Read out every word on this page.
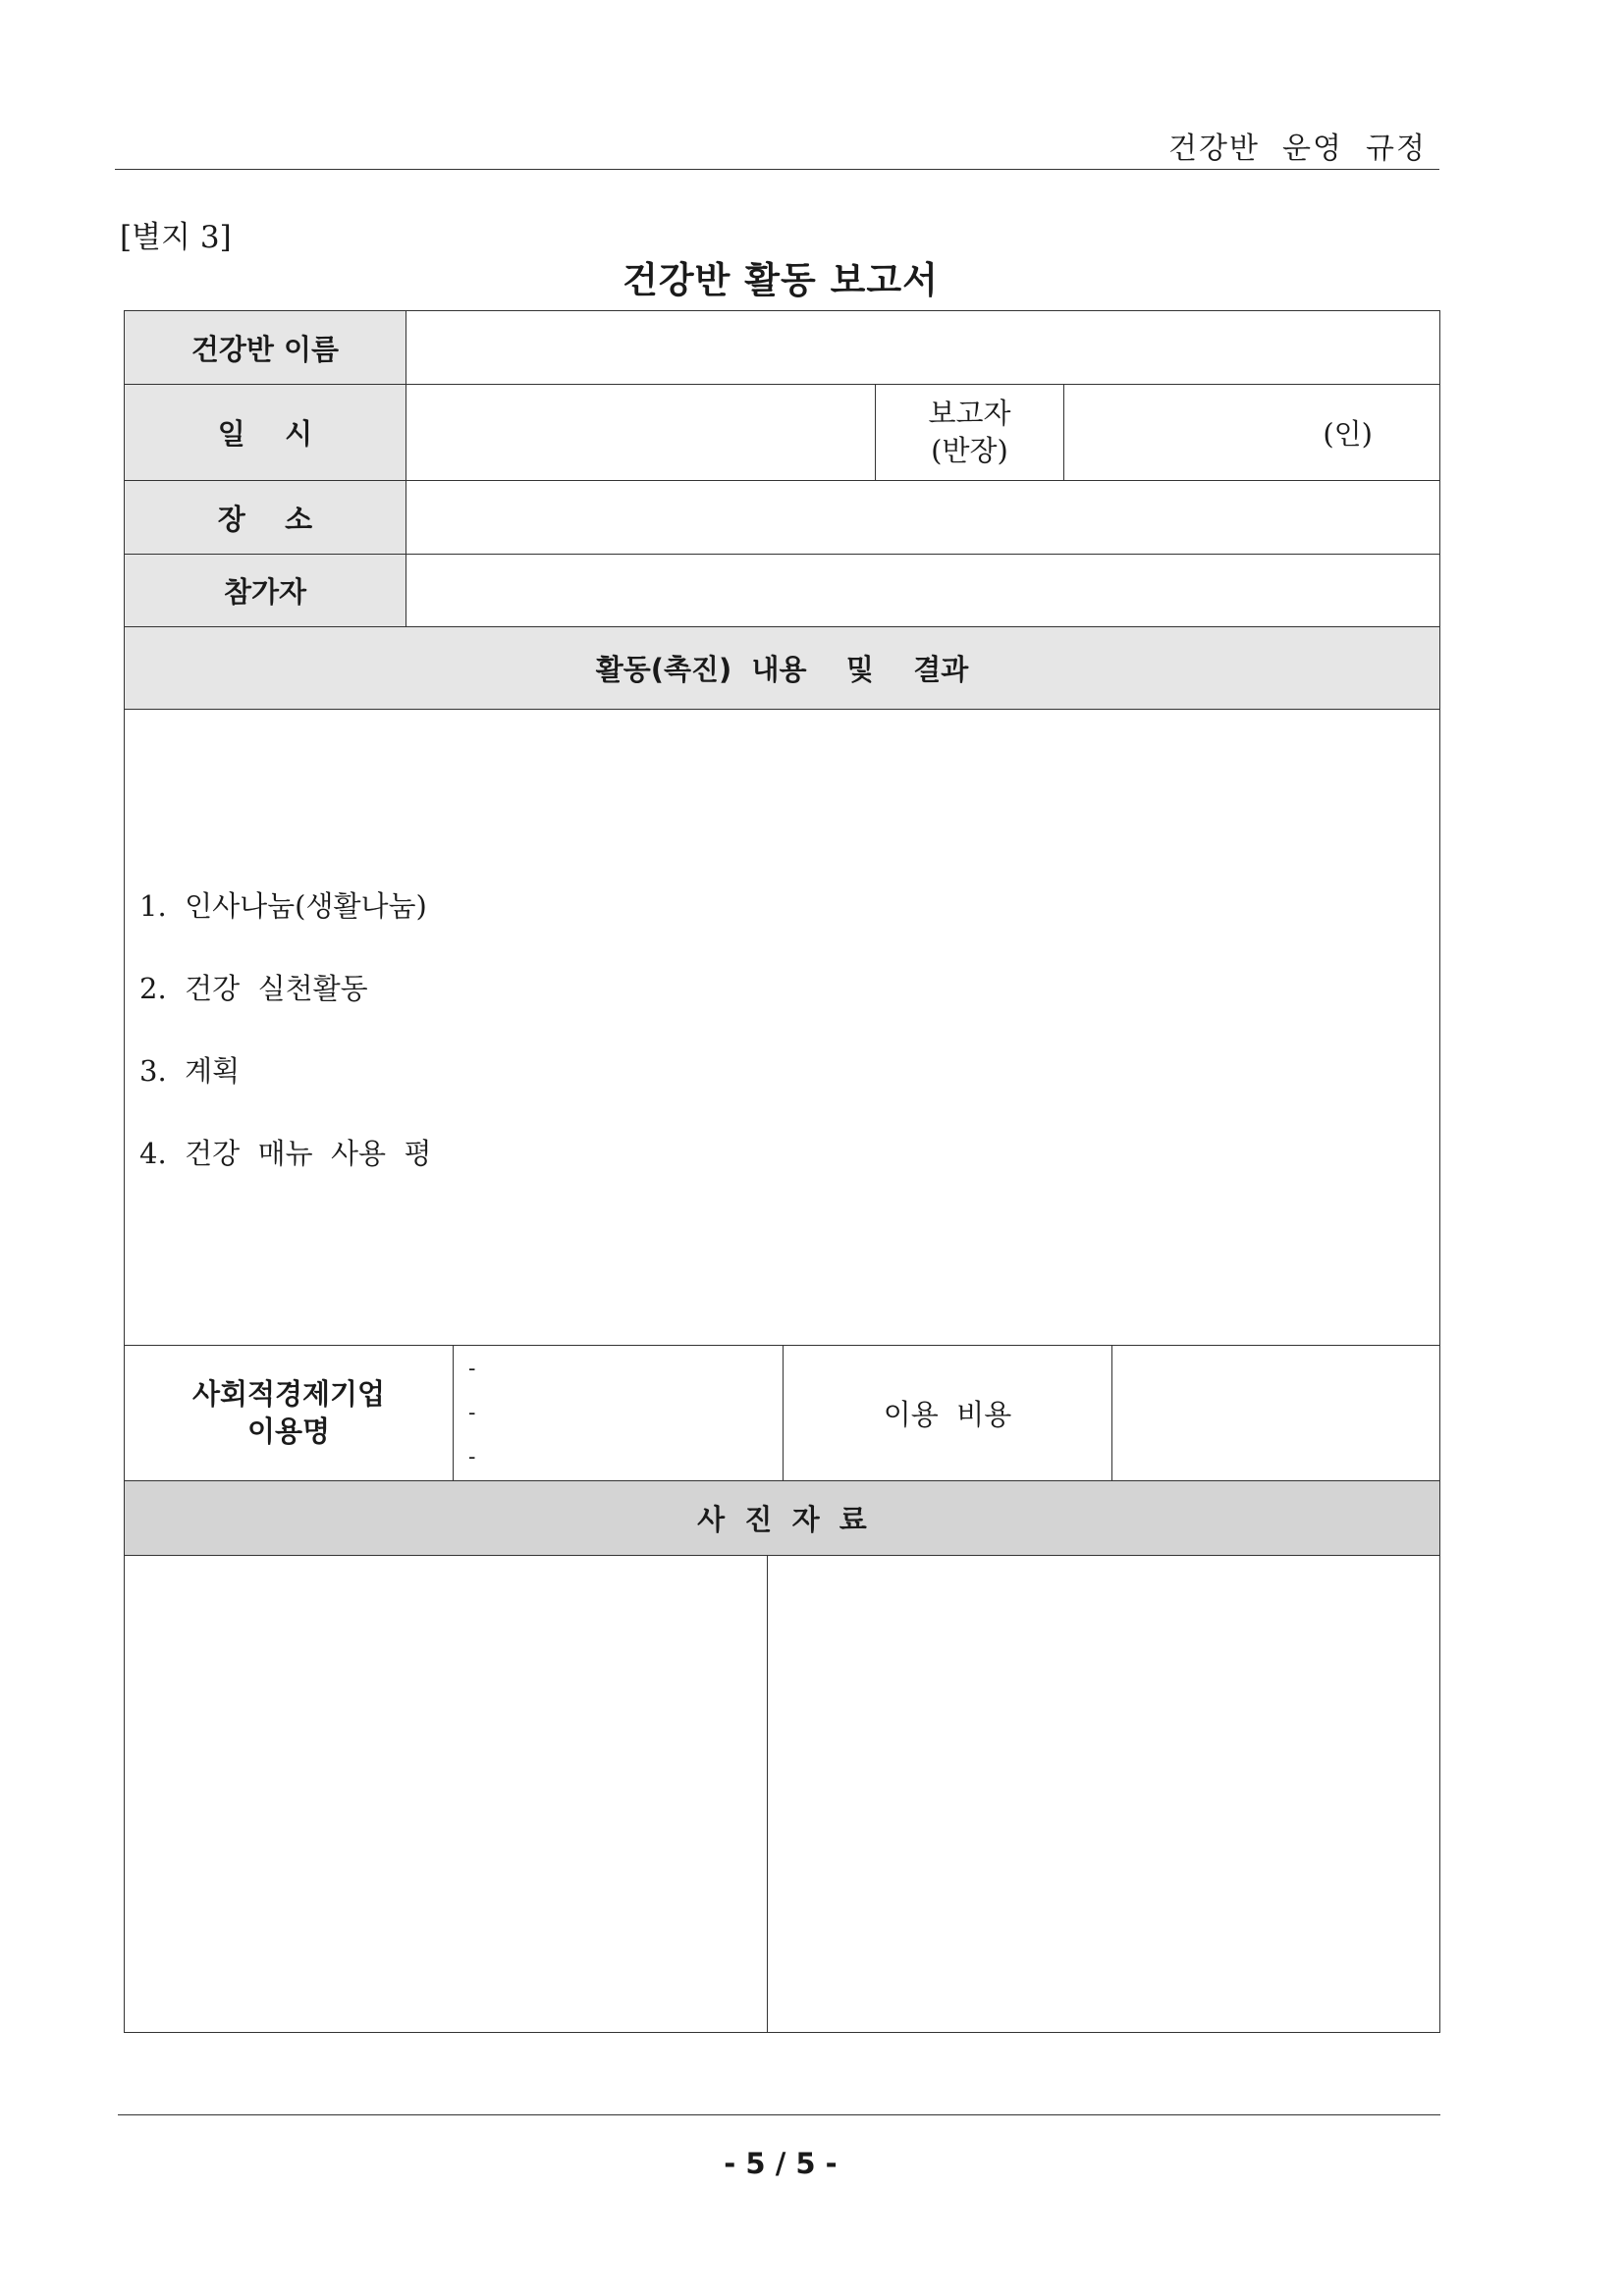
건강반  운영  규정
[별지 3]
건강반 활동 보고서
건강반 이름
일    시
보고자
(반장)	(인)
장    소
참가자
활동(촉진)  내용    및    결과
1.  인사나눔(생활나눔)
2.  건강  실천활동
3.  계획
4.  건강  매뉴  사용  평
사회적경제기업
이용명
-
-
-
이용  비용
사  진  자  료
- 5 / 5 -
